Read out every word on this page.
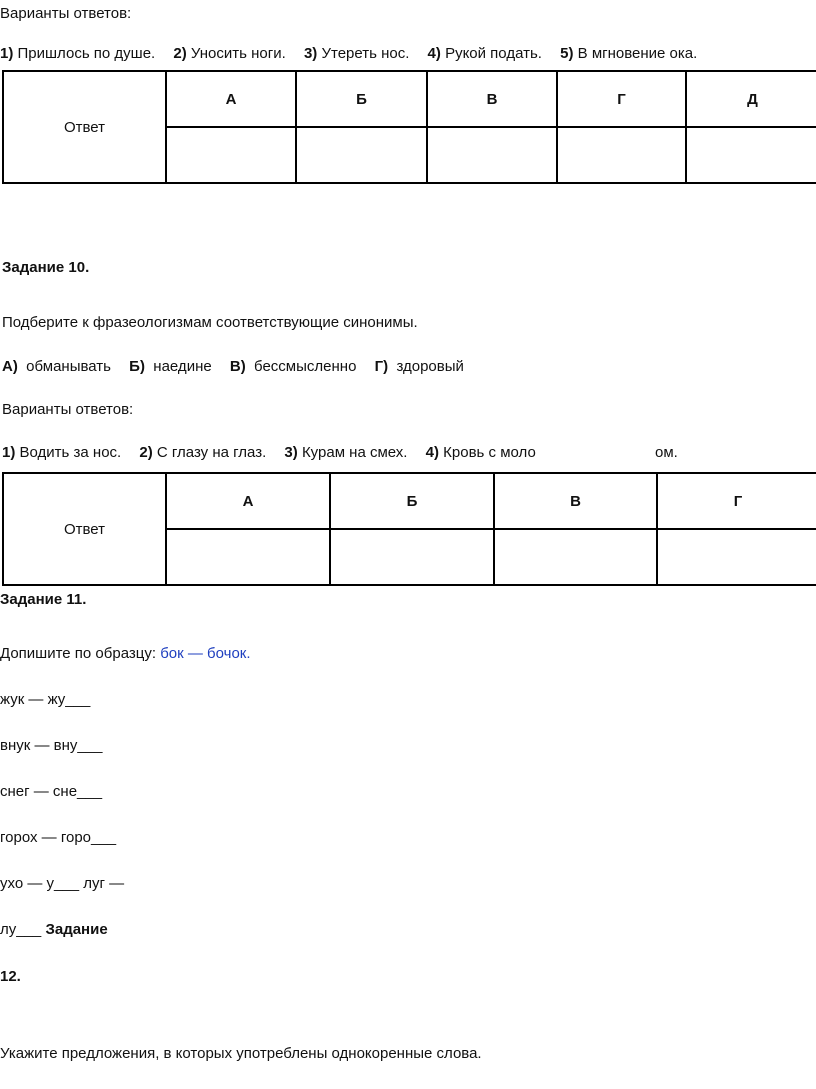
Варианты ответов:
1) Пришлось по душе. 2) Уносить ноги. 3) Утереть нос. 4) Рукой подать. 5) В мгновение ока.
Ответ	А	Б	В	Г	Д

Задание 10.
Подберите к фразеологизмам соответствующие синонимы.
А) обманывать Б) наедине В) бессмысленно Г) здоровый
Варианты ответов:
1) Водить за нос. 2) С глазу на глаз. 3) Курам на смех. 4) Кровь с моло	ом.
Ответ	А	Б	В	Г

Задание 11.
Допишите по образцу: бок — бочок.
жук — жу___
внук — вну___
снег — сне___
горох — горо___
ухо — у___ луг —
лу___ Задание
12.
Укажите предложения, в которых употреблены однокоренные слова.
